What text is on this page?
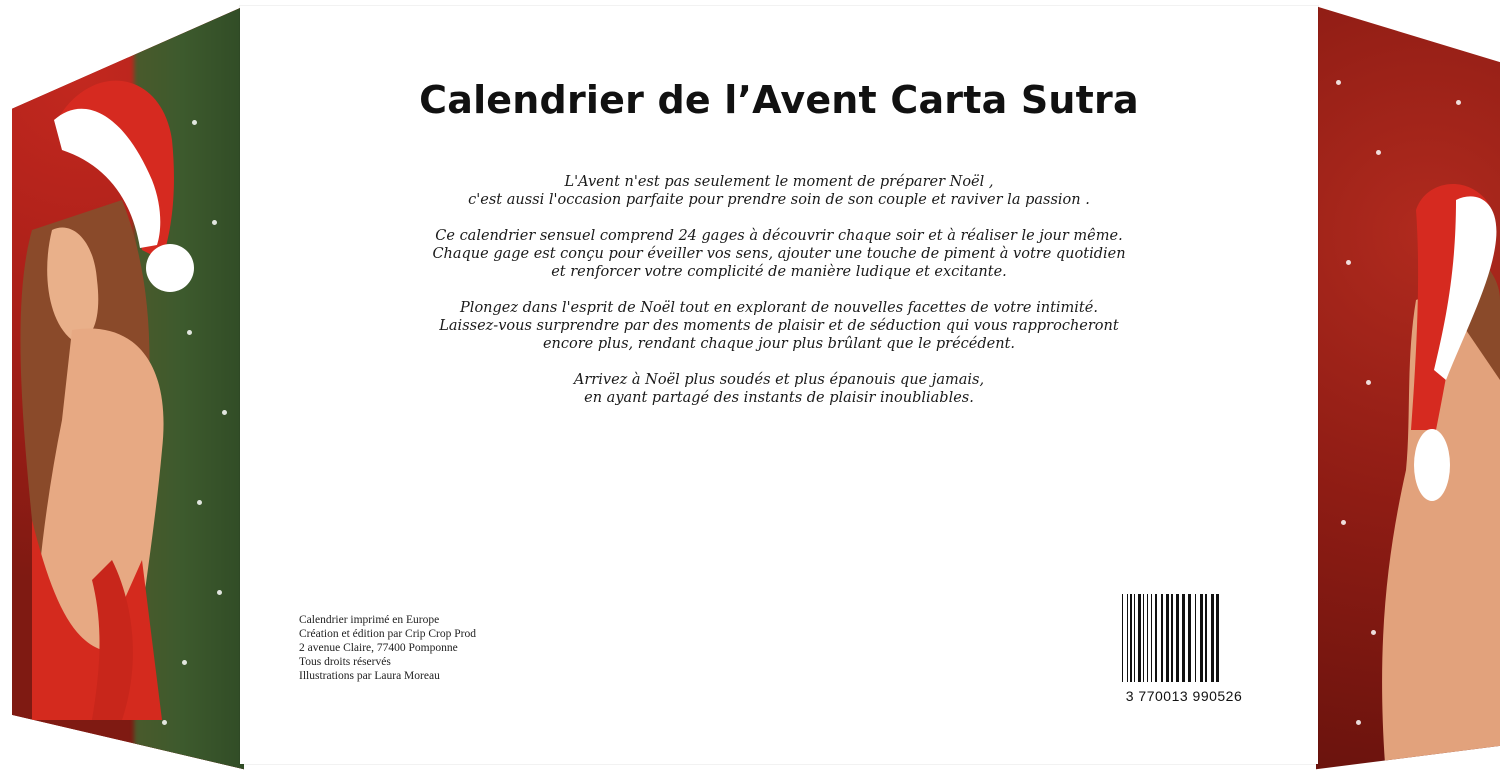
Calendrier de l’Avent Carta Sutra

L'Avent n'est pas seulement le moment de préparer Noël ,
c'est aussi l'occasion parfaite pour prendre soin de son couple et raviver la passion .

Ce calendrier sensuel comprend 24 gages à découvrir chaque soir et à réaliser le jour même.
Chaque gage est conçu pour éveiller vos sens, ajouter une touche de piment à votre quotidien
et renforcer votre complicité de manière ludique et excitante.

Plongez dans l'esprit de Noël tout en explorant de nouvelles facettes de votre intimité.
Laissez-vous surprendre par des moments de plaisir et de séduction qui vous rapprocheront
encore plus, rendant chaque jour plus brûlant que le précédent.

Arrivez à Noël plus soudés et plus épanouis que jamais,
en ayant partagé des instants de plaisir inoubliables.

Calendrier imprimé en Europe
Création et édition par Crip Crop Prod
2 avenue Claire, 77400 Pomponne
Tous droits réservés
Illustrations par Laura Moreau
3 770013 990526
